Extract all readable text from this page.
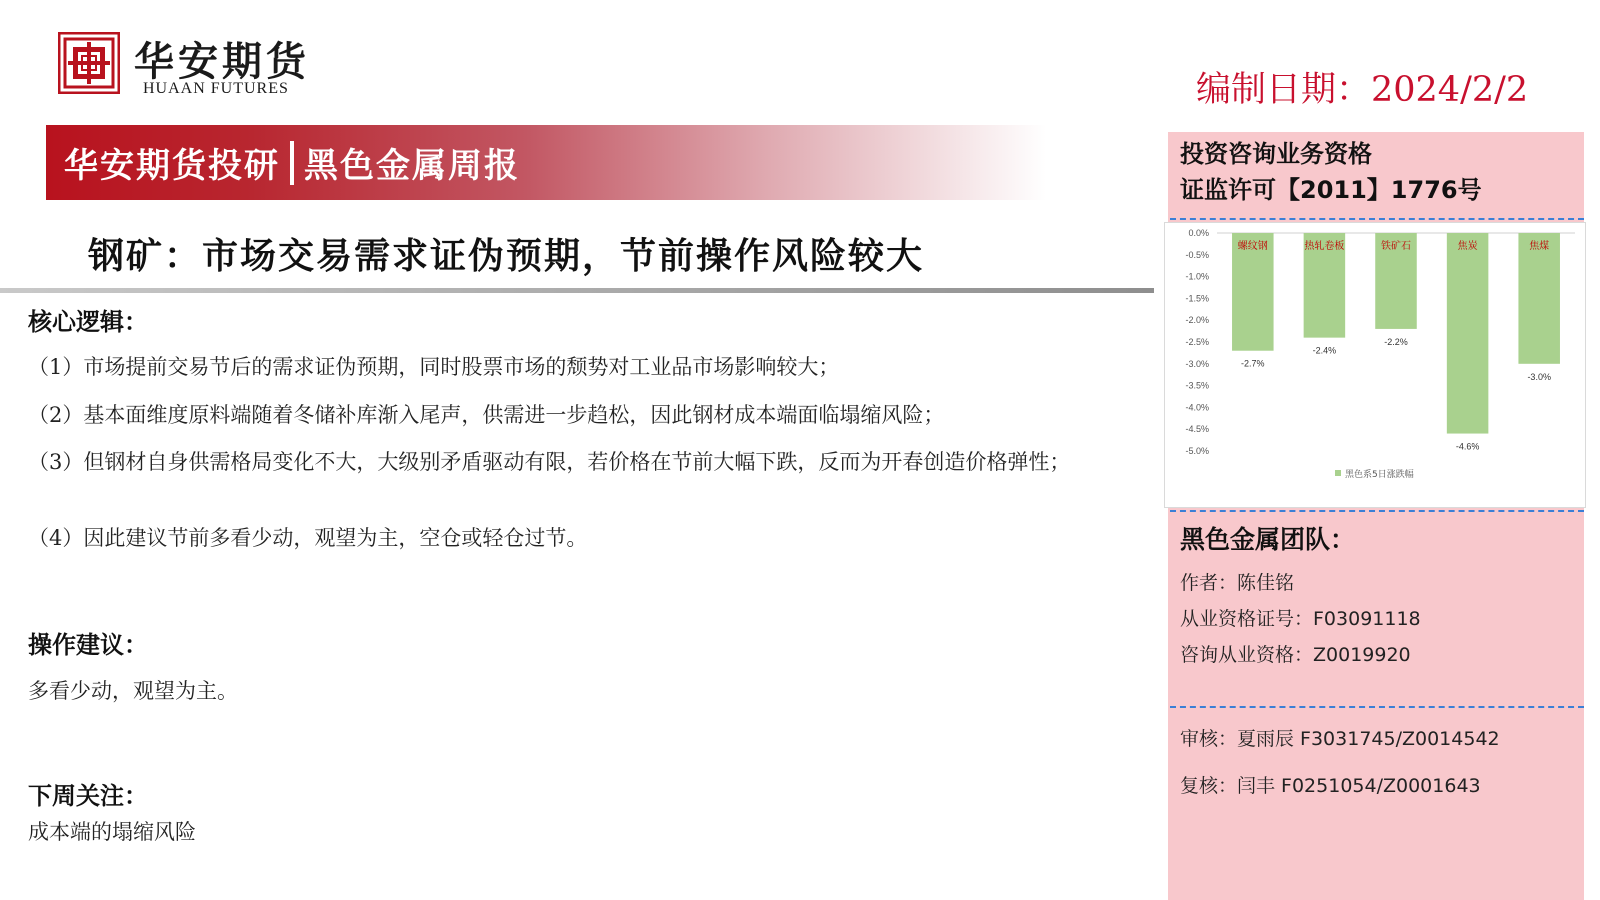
华安期货
HUAAN FUTURES	编制日期：2024/2/2
华安期货投研 黑色金属周报
钢矿：市场交易需求证伪预期，节前操作风险较大
核心逻辑：
（1）市场提前交易节后的需求证伪预期，同时股票市场的颓势对工业品市场影响较大；
（2）基本面维度原料端随着冬储补库渐入尾声，供需进一步趋松，因此钢材成本端面临塌缩风险；
（3）但钢材自身供需格局变化不大，大级别矛盾驱动有限，若价格在节前大幅下跌，反而为开春创造价格弹性；
（4）因此建议节前多看少动，观望为主，空仓或轻仓过节。
操作建议：
多看少动，观望为主。
下周关注：
成本端的塌缩风险
投资咨询业务资格
证监许可【2011】1776号
0.0%
-0.5%
-1.0%
-1.5%
-2.0%
-2.5%
-3.0%
-3.5%
-4.0%
-4.5%
-5.0%
螺纹钢
-2.7%
热轧卷板
-2.4%
铁矿石
-2.2%
焦炭
-4.6%
焦煤
-3.0%
黑色系5日涨跌幅
黑色金属团队：
作者：陈佳铭
从业资格证号：F03091118
咨询从业资格：Z0019920
审核：夏雨辰 F3031745/Z0014542
复核：闫丰 F0251054/Z0001643
